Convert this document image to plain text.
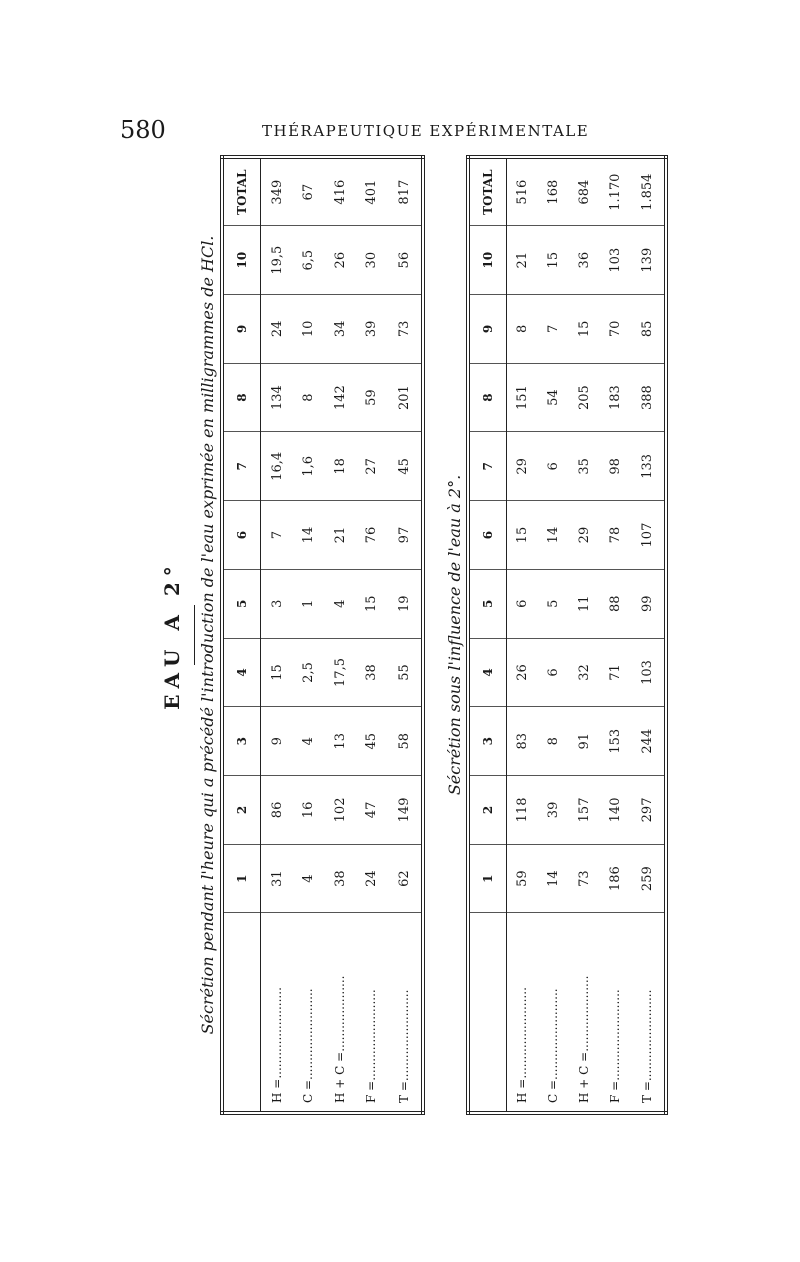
580	THÉRAPEUTIQUE EXPÉRIMENTALE
EAU A 2° Sécrétion pendant l'heure qui a précédé l'introduction de l'eau exprimée en milligrammes de HCl.
	1	2	3	4	5	6	7	8	9	10	TOTAL
H =........................	31	86	9	15	3	7	16,4	134	24	19,5	349
C =........................	4	16	4	2,5	1	14	1,6	8	10	6,5	67
H + C =....................	38	102	13	17,5	4	21	18	142	34	26	416
F =........................	24	47	45	38	15	76	27	59	39	30	401
T =........................	62	149	58	55	19	97	45	201	73	56	817
Sécrétion sous l'influence de l'eau à 2°.
	1	2	3	4	5	6	7	8	9	10	TOTAL
H =........................	59	118	83	26	6	15	29	151	8	21	516
C =........................	14	39	8	6	5	14	6	54	7	15	168
H + C =....................	73	157	91	32	11	29	35	205	15	36	684
F =........................	186	140	153	71	88	78	98	183	70	103	1.170
T =........................	259	297	244	103	99	107	133	388	85	139	1.854
